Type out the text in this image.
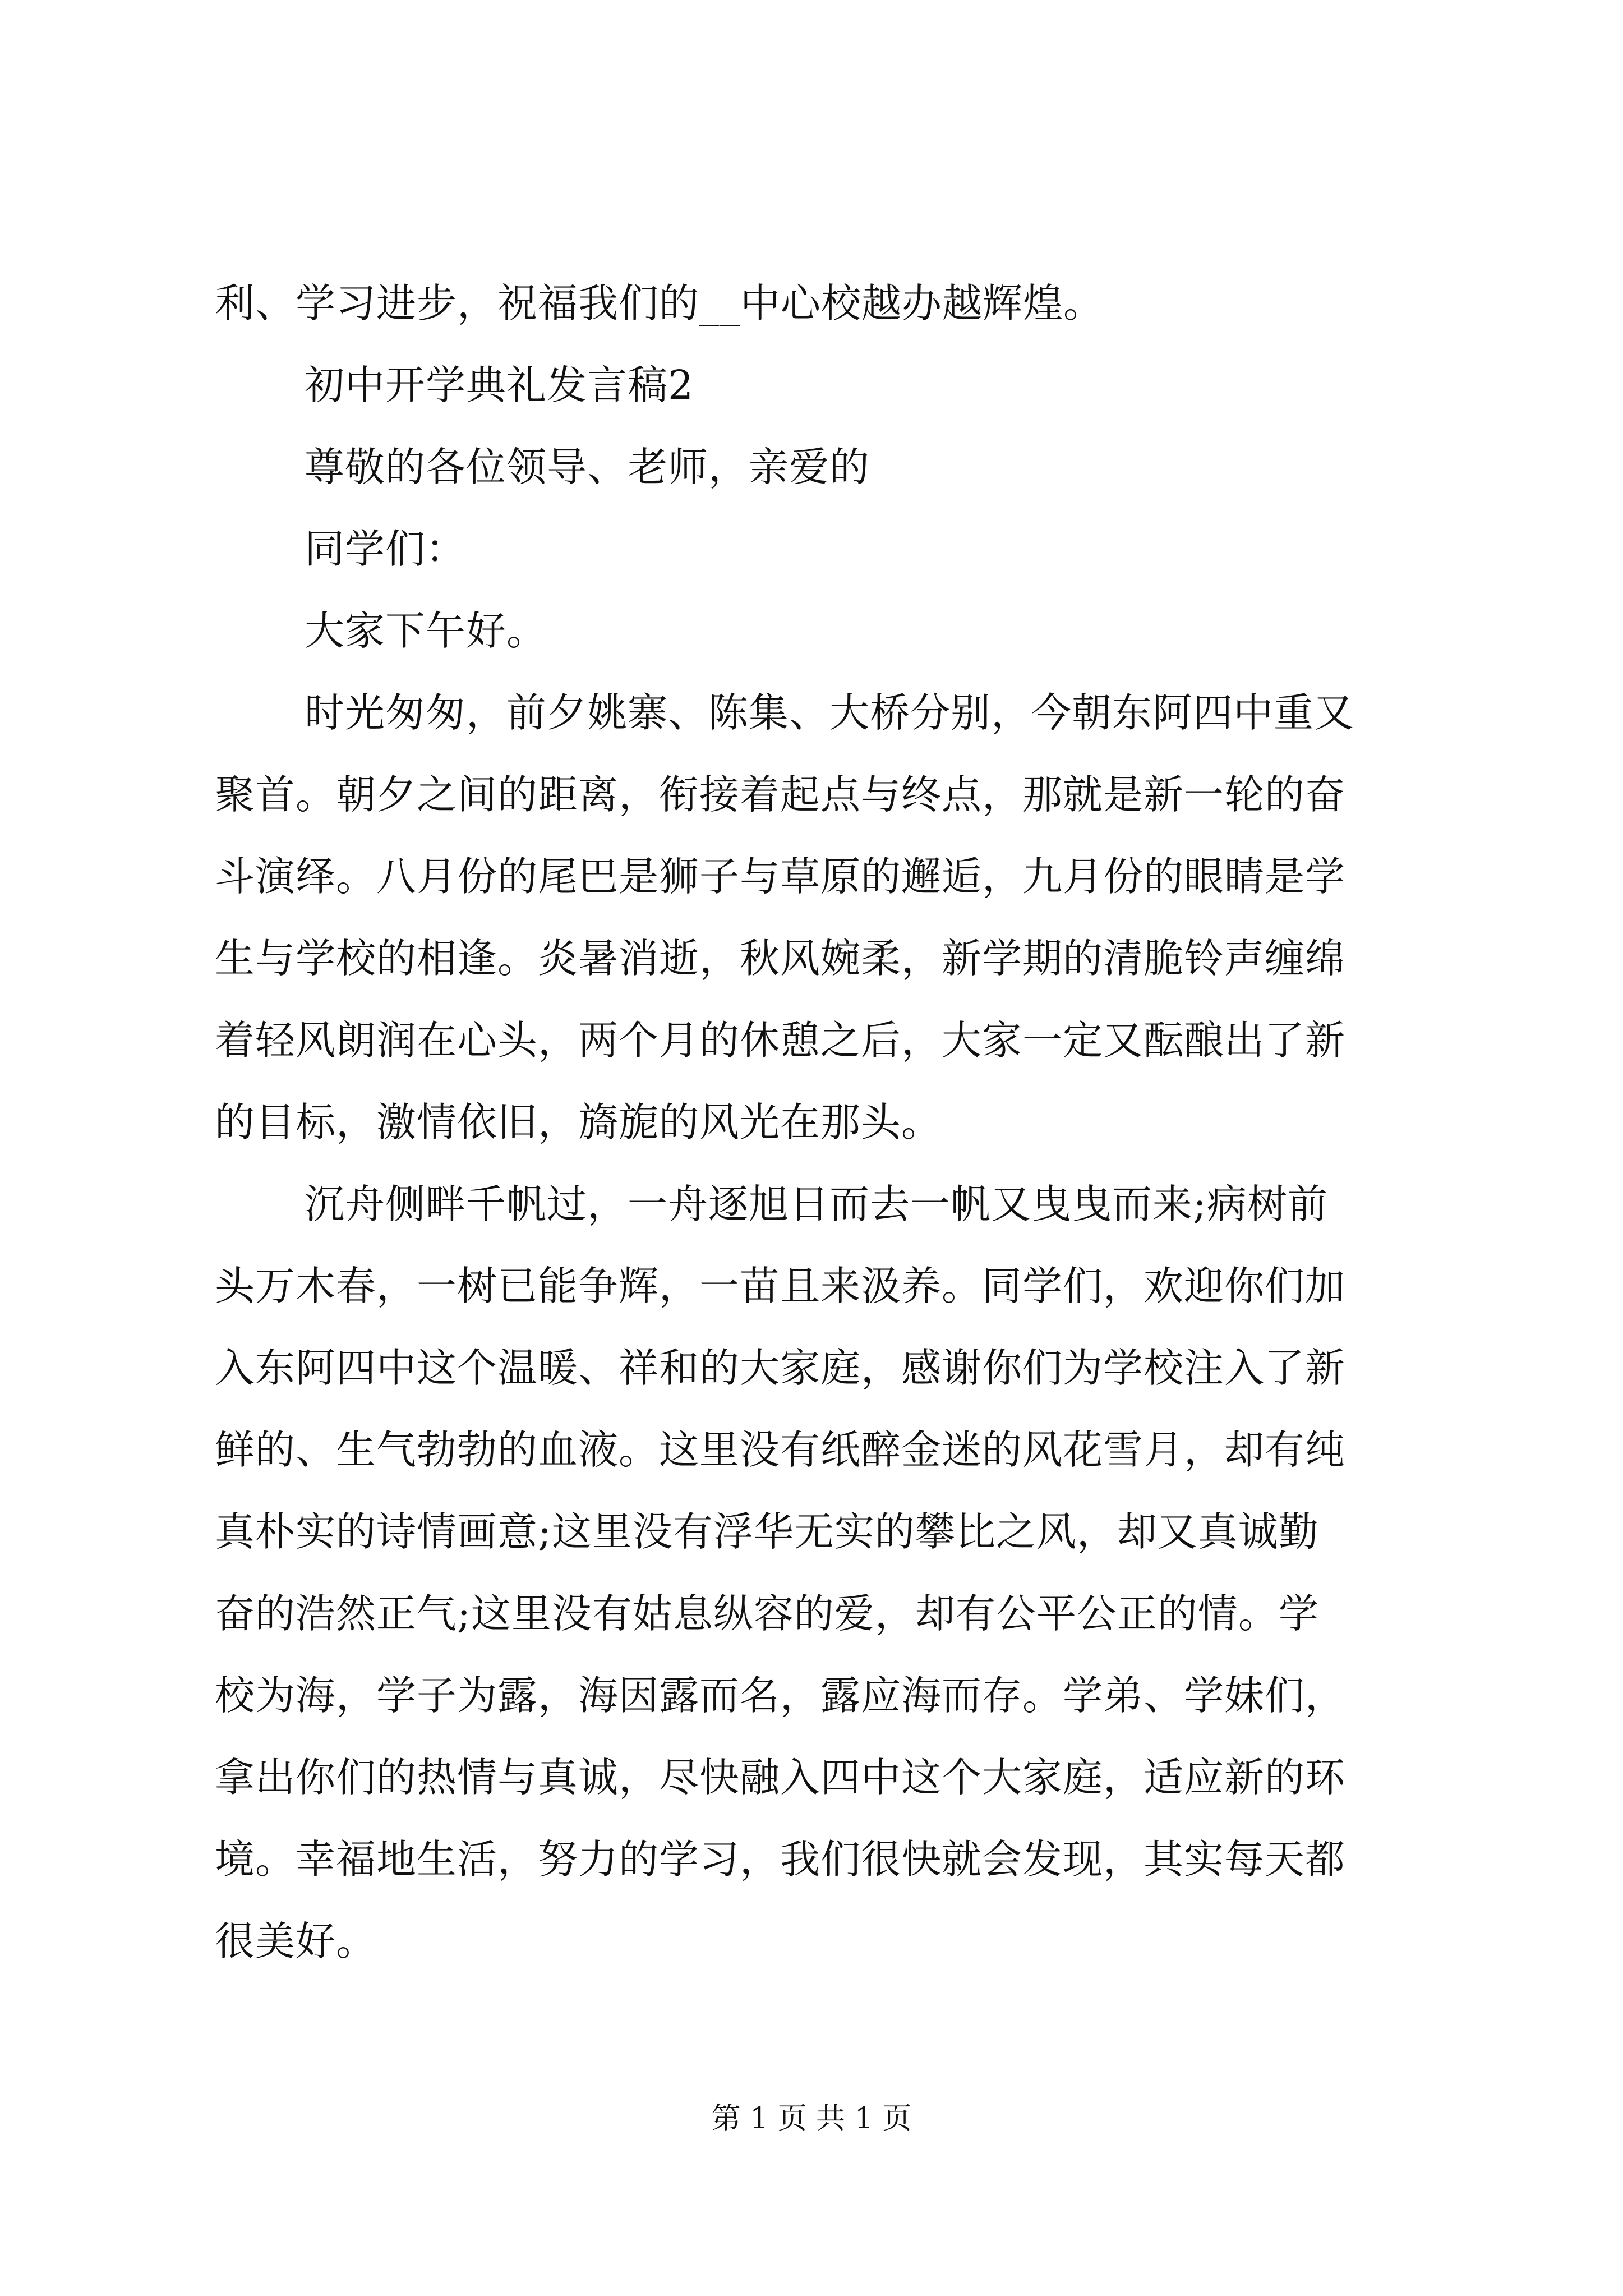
利、学习进步，祝福我们的__中心校越办越辉煌。
初中开学典礼发言稿2
尊敬的各位领导、老师，亲爱的
同学们：
大家下午好。
时光匆匆，前夕姚寨、陈集、大桥分别，今朝东阿四中重又
聚首。朝夕之间的距离，衔接着起点与终点，那就是新一轮的奋
斗演绎。八月份的尾巴是狮子与草原的邂逅，九月份的眼睛是学
生与学校的相逢。炎暑消逝，秋风婉柔，新学期的清脆铃声缠绵
着轻风朗润在心头，两个月的休憩之后，大家一定又酝酿出了新
的目标，激情依旧，旖旎的风光在那头。
沉舟侧畔千帆过，一舟逐旭日而去一帆又曳曳而来;病树前
头万木春，一树已能争辉，一苗且来汲养。同学们，欢迎你们加
入东阿四中这个温暖、祥和的大家庭，感谢你们为学校注入了新
鲜的、生气勃勃的血液。这里没有纸醉金迷的风花雪月，却有纯
真朴实的诗情画意;这里没有浮华无实的攀比之风，却又真诚勤
奋的浩然正气;这里没有姑息纵容的爱，却有公平公正的情。学
校为海，学子为露，海因露而名，露应海而存。学弟、学妹们，
拿出你们的热情与真诚，尽快融入四中这个大家庭，适应新的环
境。幸福地生活，努力的学习，我们很快就会发现，其实每天都
很美好。
第 1 页 共 1 页
